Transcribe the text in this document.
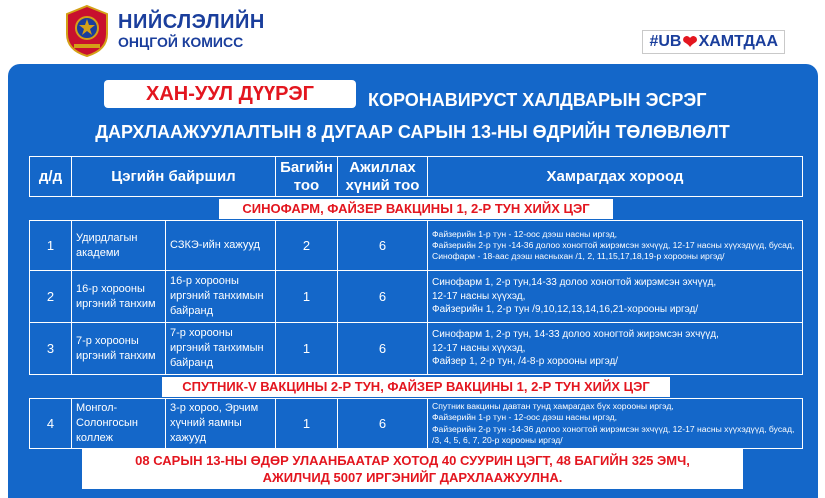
НИЙСЛЭЛИЙН
ОНЦГОЙ КОМИСС	#UB ❤ ХАМТДАА
ХАН-УУЛ ДҮҮРЭГ	КОРОНАВИРУСТ ХАЛДВАРЫН ЭСРЭГ
ДАРХЛААЖУУЛАЛТЫН 8 ДУГААР САРЫН 13-НЫ ӨДРИЙН ТӨЛӨВЛӨЛТ
д/д	Цэгийн байршил		Багийн тоо	Ажиллах хүний тоо	Хамрагдах хороод

СИНОФАРМ, ФАЙЗЕР ВАКЦИНЫ 1, 2-Р ТУН ХИЙХ ЦЭГ					

1	Удирдлагын академи	СЗКЭ-ийн хажууд	2	6	Файзерийн 1-р тун - 12-оос дээш насны иргэд,
Файзерийн 2-р тун -14-36 долоо хоногтой жирэмсэн эхчүүд, 12-17 насны хүүхэдүүд, бусад,
Синофарм - 18-аас дээш насныхан /1, 2, 11,15,17,18,19-р хорооны иргэд/
2	16-р хорооны иргэний танхим	16-р хорооны иргэний танхимын байранд	1	6	Синофарм 1, 2-р тун,14-33 долоо хоногтой жирэмсэн эхчүүд,
12-17 насны хүүхэд,
Файзерийн 1, 2-р тун /9,10,12,13,14,16,21-хорооны иргэд/
3	7-р хорооны иргэний танхим	7-р хорооны иргэний танхимын байранд	1	6	Синофарм 1, 2-р тун, 14-33 долоо хоногтой жирэмсэн эхчүүд,
12-17 насны хүүхэд,
Файзер 1, 2-р тун, /4-8-р хорооны иргэд/

СПУТНИК-V ВАКЦИНЫ 2-Р ТУН, ФАЙЗЕР ВАКЦИНЫ 1, 2-Р ТУН ХИЙХ ЦЭГ					

4	Монгол-Солонгосын коллеж	3-р хороо, Эрчим хүчний яамны хажууд	1	6	Спутник вакцины давтан тунд хамрагдах бүх хорооны иргэд,
Файзерийн 1-р тун - 12-оос дээш насны иргэд,
Файзерийн 2-р тун -14-36 долоо хоногтой жирэмсэн эхчүүд, 12-17 насны хүүхэдүүд, бусад, /3, 4, 5, 6, 7, 20-р хорооны иргэд/
08 САРЫН 13-НЫ ӨДӨР УЛААНБААТАР ХОТОД 40 СУУРИН ЦЭГТ, 48 БАГИЙН 325 ЭМЧ,
АЖИЛЧИД 5007 ИРГЭНИЙГ ДАРХЛААЖУУЛНА.
